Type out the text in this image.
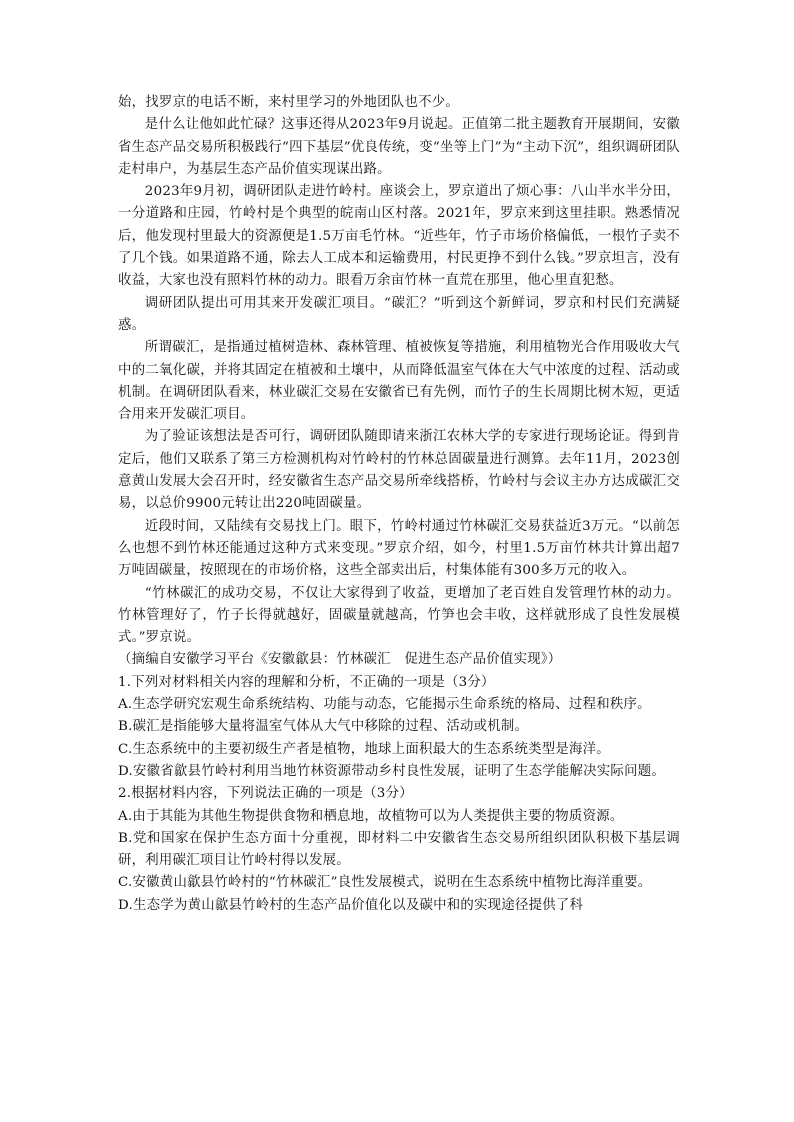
始，找罗京的电话不断，来村里学习的外地团队也不少。

是什么让他如此忙碌？这事还得从2023年9月说起。正值第二批主题教育开展期间，安徽省生态产品交易所积极践行“四下基层”优良传统，变“坐等上门”为“主动下沉”，组织调研团队走村串户，为基层生态产品价值实现谋出路。

2023年9月初，调研团队走进竹岭村。座谈会上，罗京道出了烦心事：八山半水半分田，一分道路和庄园，竹岭村是个典型的皖南山区村落。2021年，罗京来到这里挂职。熟悉情况后，他发现村里最大的资源便是1.5万亩毛竹林。“近些年，竹子市场价格偏低，一根竹子卖不了几个钱。如果道路不通，除去人工成本和运输费用，村民更挣不到什么钱。”罗京坦言，没有收益，大家也没有照料竹林的动力。眼看万余亩竹林一直荒在那里，他心里直犯愁。

调研团队提出可用其来开发碳汇项目。“碳汇？”听到这个新鲜词，罗京和村民们充满疑惑。

所谓碳汇，是指通过植树造林、森林管理、植被恢复等措施，利用植物光合作用吸收大气中的二氧化碳，并将其固定在植被和土壤中，从而降低温室气体在大气中浓度的过程、活动或机制。在调研团队看来，林业碳汇交易在安徽省已有先例，而竹子的生长周期比树木短，更适合用来开发碳汇项目。

为了验证该想法是否可行，调研团队随即请来浙江农林大学的专家进行现场论证。得到肯定后，他们又联系了第三方检测机构对竹岭村的竹林总固碳量进行测算。去年11月，2023创意黄山发展大会召开时，经安徽省生态产品交易所牵线搭桥，竹岭村与会议主办方达成碳汇交易，以总价9900元转让出220吨固碳量。

近段时间，又陆续有交易找上门。眼下，竹岭村通过竹林碳汇交易获益近3万元。“以前怎么也想不到竹林还能通过这种方式来变现。”罗京介绍，如今，村里1.5万亩竹林共计算出超7万吨固碳量，按照现在的市场价格，这些全部卖出后，村集体能有300多万元的收入。

“竹林碳汇的成功交易，不仅让大家得到了收益，更增加了老百姓自发管理竹林的动力。竹林管理好了，竹子长得就越好，固碳量就越高，竹笋也会丰收，这样就形成了良性发展模式。”罗京说。

（摘编自安徽学习平台《安徽歙县：竹林碳汇　促进生态产品价值实现》）

1.下列对材料相关内容的理解和分析，不正确的一项是（3分）

A.生态学研究宏观生命系统结构、功能与动态，它能揭示生命系统的格局、过程和秩序。

B.碳汇是指能够大量将温室气体从大气中移除的过程、活动或机制。

C.生态系统中的主要初级生产者是植物，地球上面积最大的生态系统类型是海洋。

D.安徽省歙县竹岭村利用当地竹林资源带动乡村良性发展，证明了生态学能解决实际问题。

2.根据材料内容，下列说法正确的一项是（3分）

A.由于其能为其他生物提供食物和栖息地，故植物可以为人类提供主要的物质资源。

B.党和国家在保护生态方面十分重视，即材料二中安徽省生态交易所组织团队积极下基层调研，利用碳汇项目让竹岭村得以发展。

C.安徽黄山歙县竹岭村的“竹林碳汇”良性发展模式，说明在生态系统中植物比海洋重要。

D.生态学为黄山歙县竹岭村的生态产品价值化以及碳中和的实现途径提供了科
